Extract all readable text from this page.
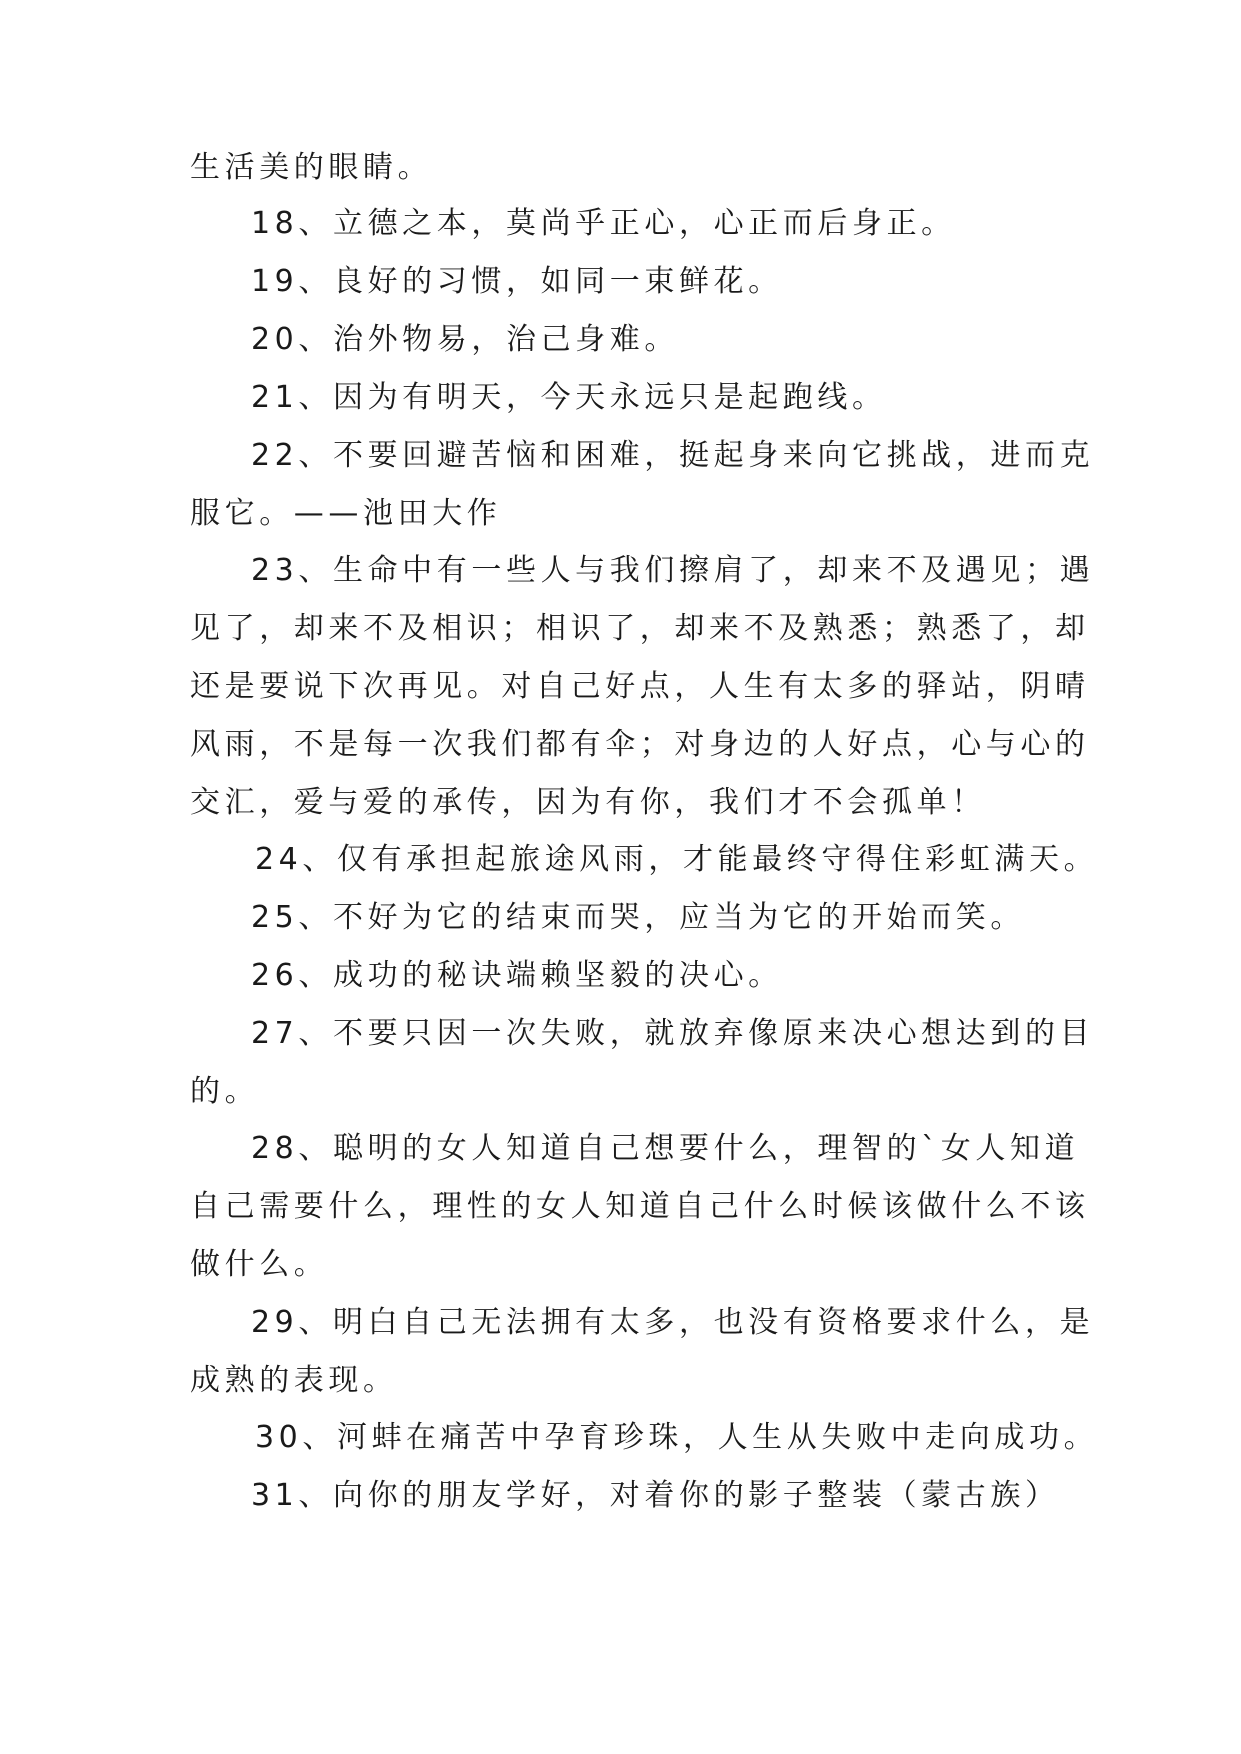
生活美的眼睛。
18、立德之本，莫尚乎正心，心正而后身正。
19、良好的习惯，如同一束鲜花。
20、治外物易，治己身难。
21、因为有明天，今天永远只是起跑线。
22、不要回避苦恼和困难，挺起身来向它挑战，进而克
服它。——池田大作
23、生命中有一些人与我们擦肩了，却来不及遇见；遇
见了，却来不及相识；相识了，却来不及熟悉；熟悉了，却
还是要说下次再见。对自己好点，人生有太多的驿站，阴晴
风雨，不是每一次我们都有伞；对身边的人好点，心与心的
交汇，爱与爱的承传，因为有你，我们才不会孤单！
24、仅有承担起旅途风雨，才能最终守得住彩虹满天。
25、不好为它的结束而哭，应当为它的开始而笑。
26、成功的秘诀端赖坚毅的决心。
27、不要只因一次失败，就放弃像原来决心想达到的目
的。
28、聪明的女人知道自己想要什么，理智的`女人知道
自己需要什么，理性的女人知道自己什么时候该做什么不该
做什么。
29、明白自己无法拥有太多，也没有资格要求什么，是
成熟的表现。
30、河蚌在痛苦中孕育珍珠，人生从失败中走向成功。
31、向你的朋友学好，对着你的影子整装（蒙古族）
